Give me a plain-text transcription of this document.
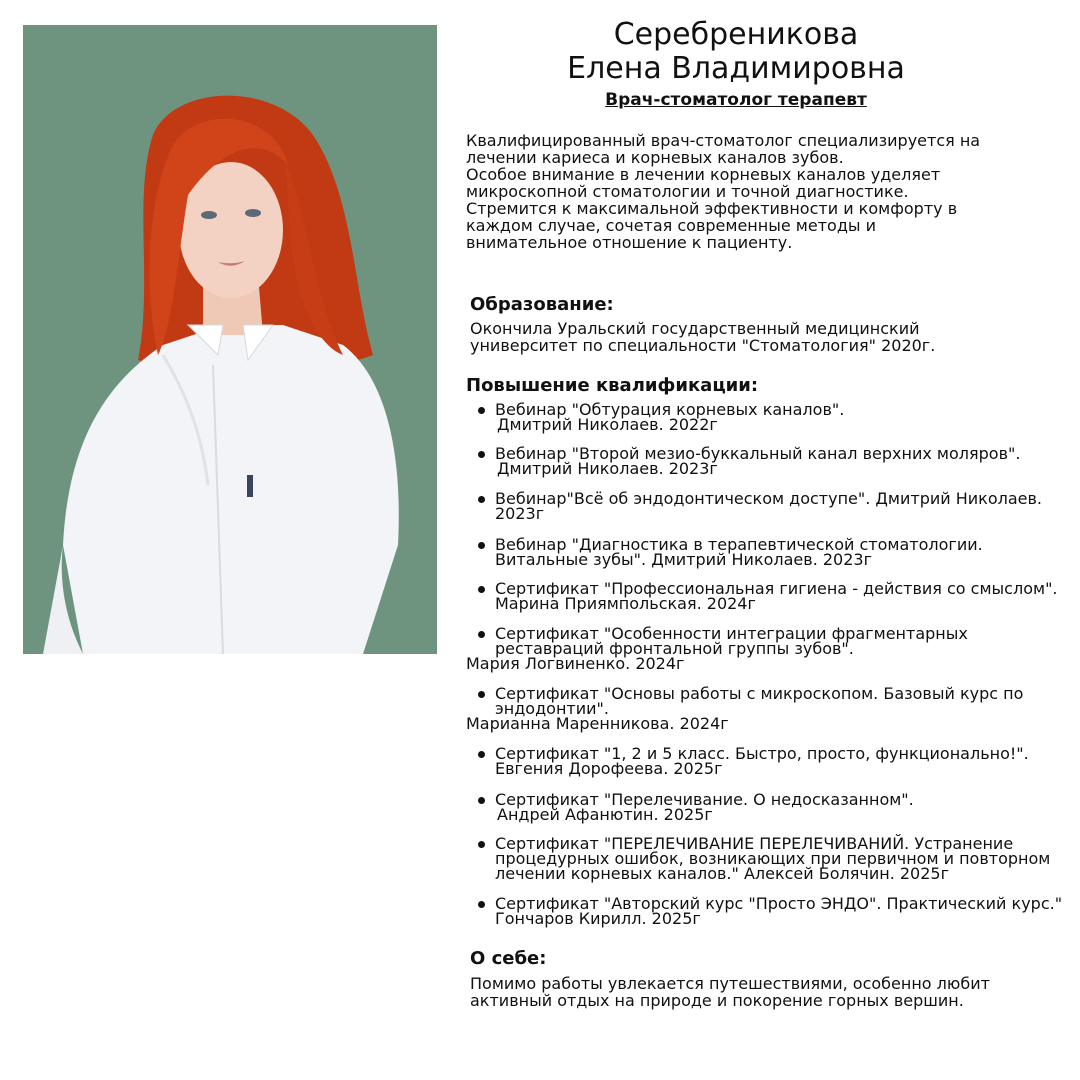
Серебреникова
Елена Владимировна
Врач-стоматолог терапевт

Квалифицированный врач-стоматолог специализируется на
лечении кариеса и корневых каналов зубов.
Особое внимание в лечении корневых каналов уделяет
микроскопной стоматологии и точной диагностике.
Стремится к максимальной эффективности и комфорту в
каждом случае, сочетая современные методы и
внимательное отношение к пациенту.

Образование:

Окончила Уральский государственный медицинский
университет по специальности "Стоматология" 2020г.

Повышение квалификации:
Вебинар "Обтурация корневых каналов".
Дмитрий Николаев. 2022г
Вебинар "Второй мезио-буккальный канал верхних моляров".
Дмитрий Николаев. 2023г
Вебинар"Всё об эндодонтическом доступе". Дмитрий Николаев.
2023г
Вебинар "Диагностика в терапевтической стоматологии.
Витальные зубы". Дмитрий Николаев. 2023г
Сертификат "Профессиональная гигиена - действия со смыслом".
Марина Приямпольская. 2024г
Сертификат "Особенности интеграции фрагментарных
реставраций фронтальной группы зубов".
Мария Логвиненко. 2024г
Сертификат "Основы работы с микроскопом. Базовый курс по
эндодонтии".
Марианна Маренникова. 2024г
Сертификат "1, 2 и 5 класс. Быстро, просто, функционально!".
Евгения Дорофеева. 2025г
Сертификат "Перелечивание. О недосказанном".
Андрей Афанютин. 2025г
Сертификат "ПЕРЕЛЕЧИВАНИЕ ПЕРЕЛЕЧИВАНИЙ. Устранение
процедурных ошибок, возникающих при первичном и повторном
лечении корневых каналов." Алексей Болячин. 2025г
Сертификат "Авторский курс "Просто ЭНДО". Практический курс."
Гончаров Кирилл. 2025г
О себе:

Помимо работы увлекается путешествиями, особенно любит
активный отдых на природе и покорение горных вершин.
